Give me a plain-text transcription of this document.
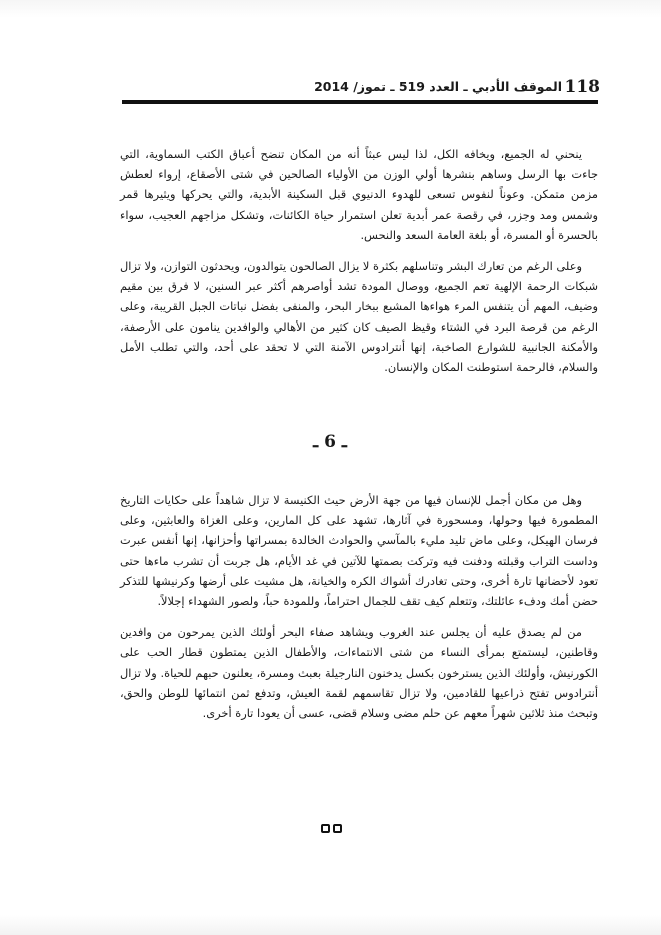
118
الموقف الأدبي ـ العدد 519 ـ تموز/ 2014

ينحني له الجميع، ويخافه الكل، لذا ليس عبثاً أنه من المكان تنضح أعباق الكتب السماوية، التي جاءت بها الرسل وساهم بنشرها أولي الوزن من الأولياء الصالحين في شتى الأصقاع، إرواء لعطش مزمن متمكن. وعوناً لنفوس تسعى للهدوء الدنيوي قبل السكينة الأبدية، والتي يحركها ويثيرها قمر وشمس ومد وجزر، في رقصة عمر أبدية تعلن استمرار حياة الكائنات، وتشكل مزاجهم العجيب، سواء بالحسرة أو المسرة، أو بلغة العامة السعد والنحس.

وعلى الرغم من تعارك البشر وتناسلهم بكثرة لا يزال الصالحون يتوالدون، ويحدثون التوازن، ولا تزال شبكات الرحمة الإلهية تعم الجميع، ووصال المودة تشد أواصرهم أكثر عبر السنين، لا فرق بين مقيم وضيف، المهم أن يتنفس المرء هواءها المشبع ببخار البحر، والمنفى بفضل نباتات الجبل القريبة، وعلى الرغم من قرصة البرد في الشتاء وقيظ الصيف كان كثير من الأهالي والوافدين ينامون على الأرصفة، والأمكنة الجانبية للشوارع الصاخبة، إنها أنترادوس الآمنة التي لا تحقد على أحد، والتي تطلب الأمل والسلام، فالرحمة استوطنت المكان والإنسان.

ـ 6 ـ

وهل من مكان أجمل للإنسان فيها من جهة الأرض حيث الكنيسة لا تزال شاهداً على حكايات التاريخ المطمورة فيها وحولها، ومسحورة في آثارها، تشهد على كل المارين، وعلى الغزاة والعابثين، وعلى فرسان الهيكل، وعلى ماض تليد مليء بالمآسي والحوادث الخالدة بمسراتها وأحزانها، إنها أنفس عبرت وداست التراب وقبلته ودفنت فيه وتركت بصمتها للآتين في غد الأيام، هل جربت أن تشرب ماءها حتى تعود لأحضانها تارة أخرى، وحتى تغادرك أشواك الكره والخيانة، هل مشيت على أرضها وكرنيشها للتذكر حضن أمك ودفء عائلتك، وتتعلم كيف تقف للجمال احتراماً، وللمودة حباً، ولصور الشهداء إجلالاً.

من لم يصدق عليه أن يجلس عند الغروب ويشاهد صفاء البحر أولئك الذين يمرحون من وافدين وقاطنين، ليستمتع بمرأى النساء من شتى الانتماءات، والأطفال الذين يمتطون قطار الحب على الكورنيش، وأولئك الذين يسترخون بكسل يدخنون النارجيلة بعبث ومسرة، يعلنون حبهم للحياة. ولا تزال أنترادوس تفتح ذراعيها للقادمين، ولا تزال تقاسمهم لقمة العيش، وتدفع ثمن انتمائها للوطن والحق، وتبحث منذ ثلاثين شهراً معهم عن حلم مضى وسلام قضى، عسى أن يعودا تارة أخرى.
